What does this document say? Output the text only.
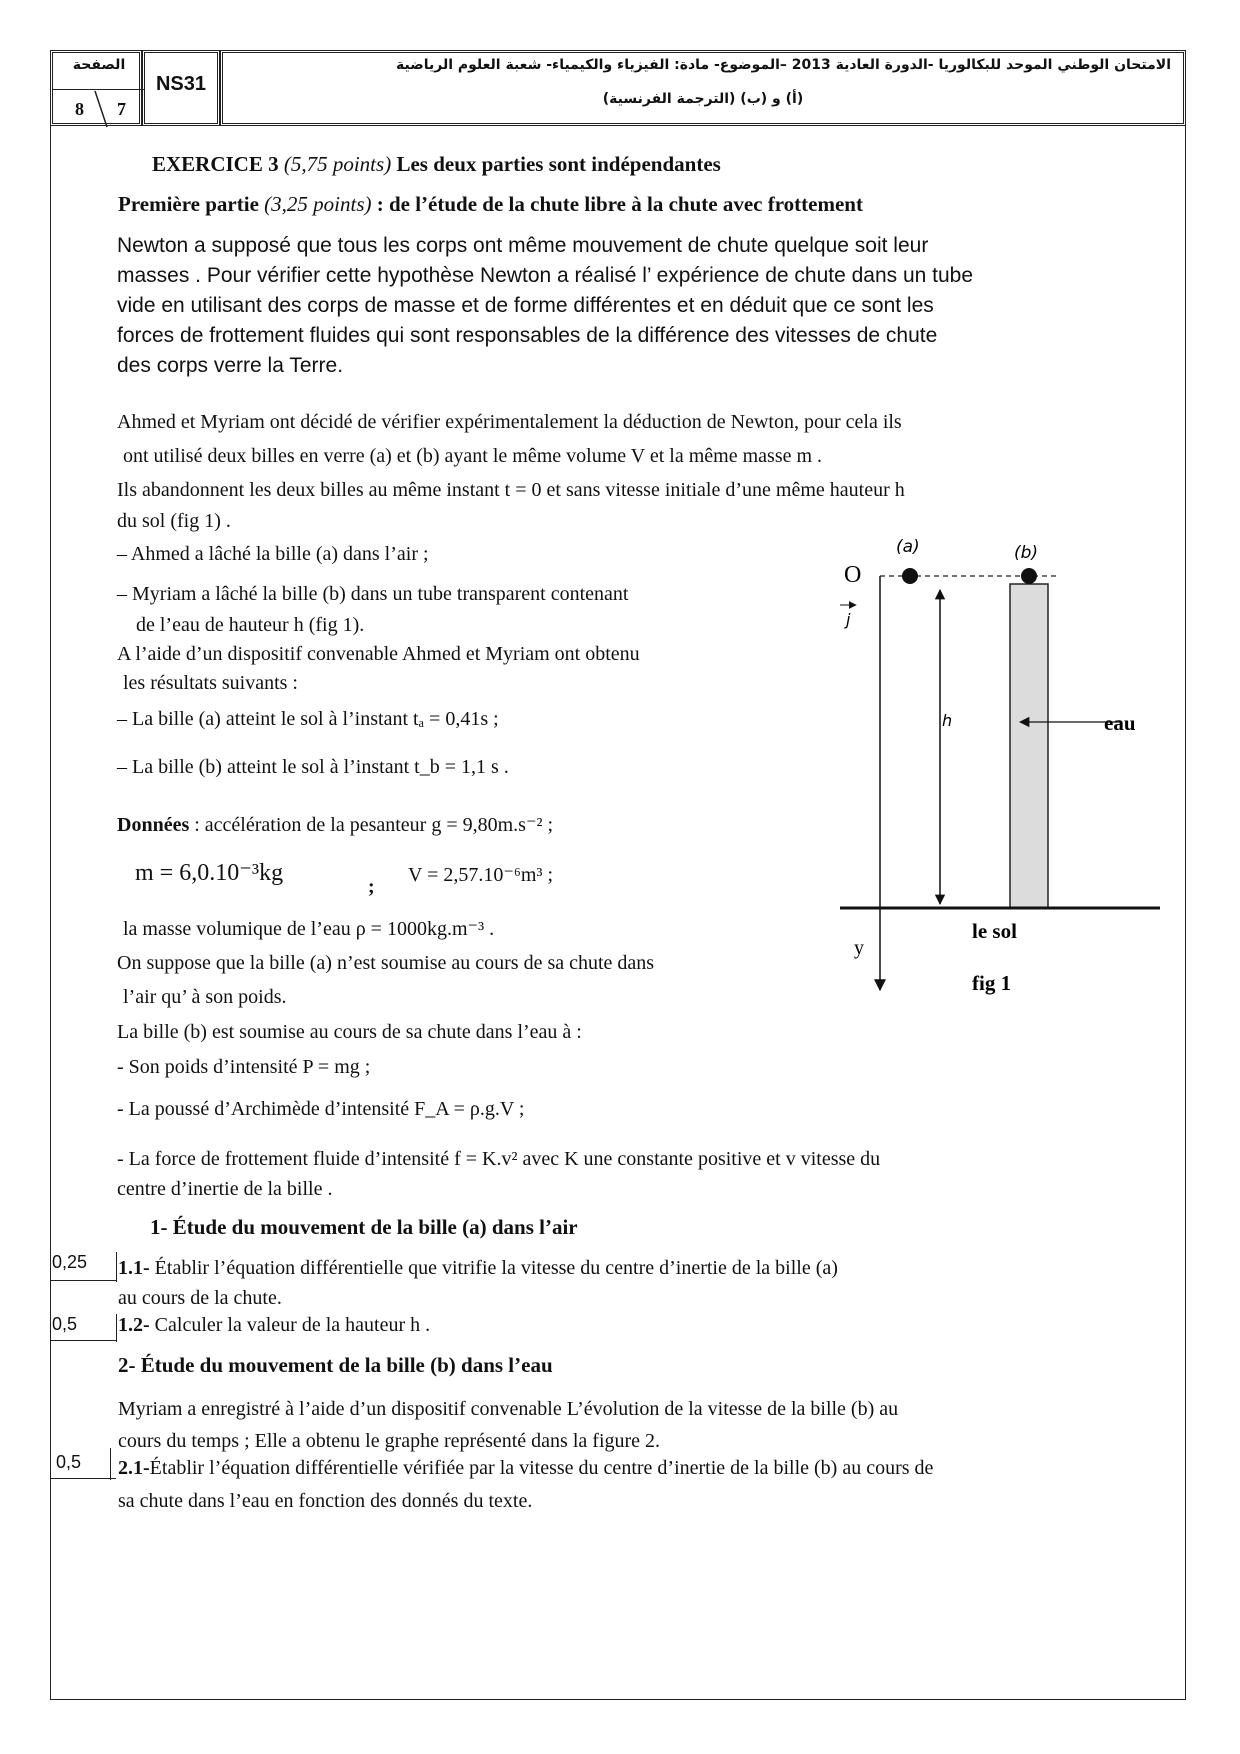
الصفحة
8 7
NS31
الامتحان الوطني الموحد للبكالوريا -الدورة العادية 2013 –الموضوع- مادة: الفيزياء والكيمياء- شعبة العلوم الرياضية
(أ) و (ب) (الترجمة الفرنسية)
EXERCICE 3 (5,75 points) Les deux parties sont indépendantes
Première partie (3,25 points) : de l’étude de la chute libre à la chute avec frottement
Newton a supposé que tous les corps ont même mouvement de chute quelque soit leur
masses . Pour vérifier cette hypothèse Newton a réalisé l’ expérience de chute dans un tube
vide en utilisant des corps de masse et de forme différentes et en déduit que ce sont les
forces de frottement fluides qui sont responsables de la différence des vitesses de chute
des corps verre la Terre.
Ahmed et Myriam ont décidé de vérifier expérimentalement la déduction de Newton, pour cela ils
ont utilisé deux billes en verre (a) et (b) ayant le même volume V et la même masse m .
Ils abandonnent les deux billes au même instant t = 0 et sans vitesse initiale d’une même hauteur h
du sol (fig 1) .
– Ahmed a lâché la bille (a) dans l’air ;
– Myriam a lâché la bille (b) dans un tube transparent contenant
de l’eau de hauteur h (fig 1).
A l’aide d’un dispositif convenable Ahmed et Myriam ont obtenu
les résultats suivants :
– La bille (a) atteint le sol à l’instant tₐ = 0,41s ;
– La bille (b) atteint le sol à l’instant t_b = 1,1 s .
Données : accélération de la pesanteur g = 9,80m.s⁻² ;
m = 6,0.10⁻³kg
;
V = 2,57.10⁻⁶m³ ;
la masse volumique de l’eau ρ = 1000kg.m⁻³ .
On suppose que la bille (a) n’est soumise au cours de sa chute dans
l’air qu’ à son poids.
La bille (b) est soumise au cours de sa chute dans l’eau à :
- Son poids d’intensité P = mg ;
- La poussé d’Archimède d’intensité F_A = ρ.g.V ;
- La force de frottement fluide d’intensité f = K.v² avec K une constante positive et v vitesse du
centre d’inertie de la bille .
1- Étude du mouvement de la bille (a) dans l’air
0,25 1.1- Établir l’équation différentielle que vitrifie la vitesse du centre d’inertie de la bille (a)
au cours de la chute.
0,5 1.2- Calculer la valeur de la hauteur h .
2- Étude du mouvement de la bille (b) dans l’eau
Myriam a enregistré à l’aide d’un dispositif convenable L’évolution de la vitesse de la bille (b) au
cours du temps ; Elle a obtenu le graphe représenté dans la figure 2.
0,5 2.1-Établir l’équation différentielle vérifiée par la vitesse du centre d’inertie de la bille (b) au cours de
sa chute dans l’eau en fonction des donnés du texte.
(a)	(b)
O
j
h	eau
le sol
y
fig 1
